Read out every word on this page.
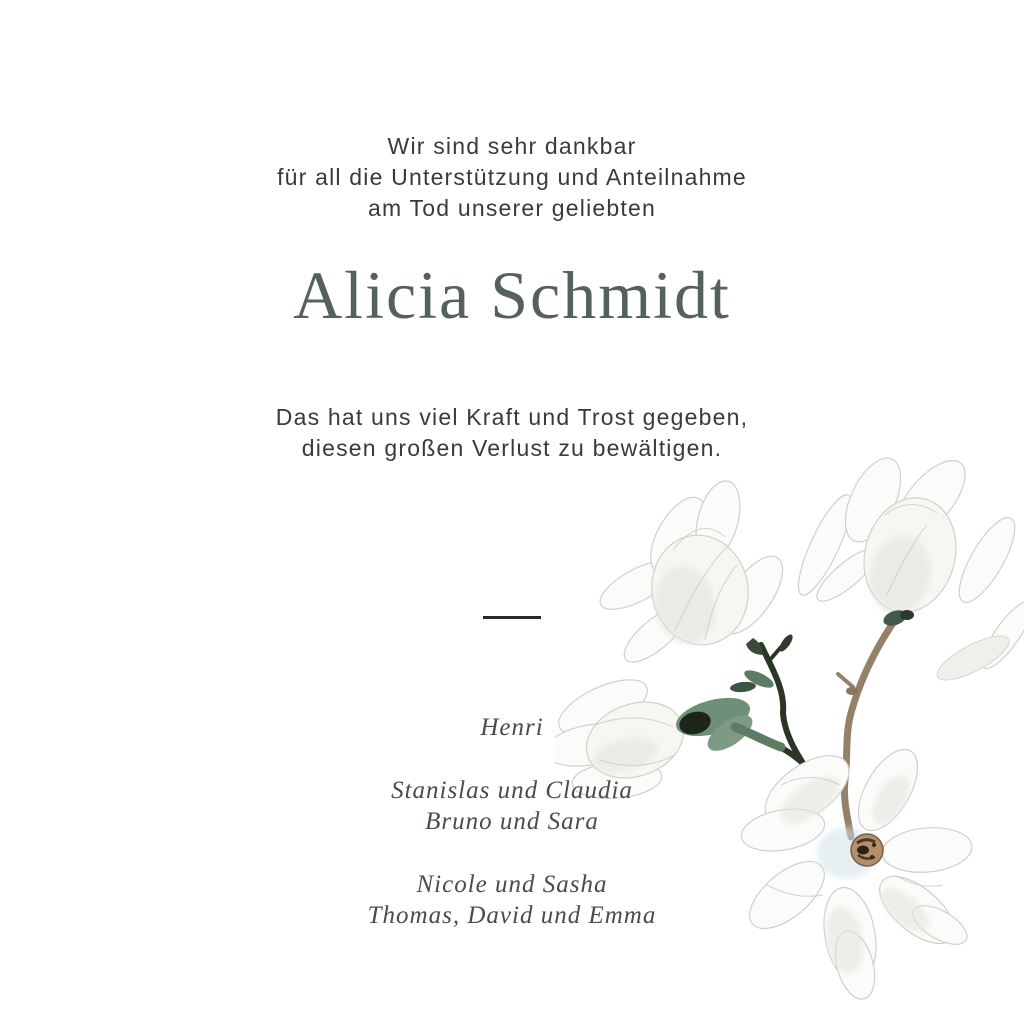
Wir sind sehr dankbar
für all die Unterstützung und Anteilnahme
am Tod unserer geliebten
Alicia Schmidt
Das hat uns viel Kraft und Trost gegeben,
diesen großen Verlust zu bewältigen.
Henri
Stanislas und Claudia
Bruno und Sara
Nicole und Sasha
Thomas, David und Emma
